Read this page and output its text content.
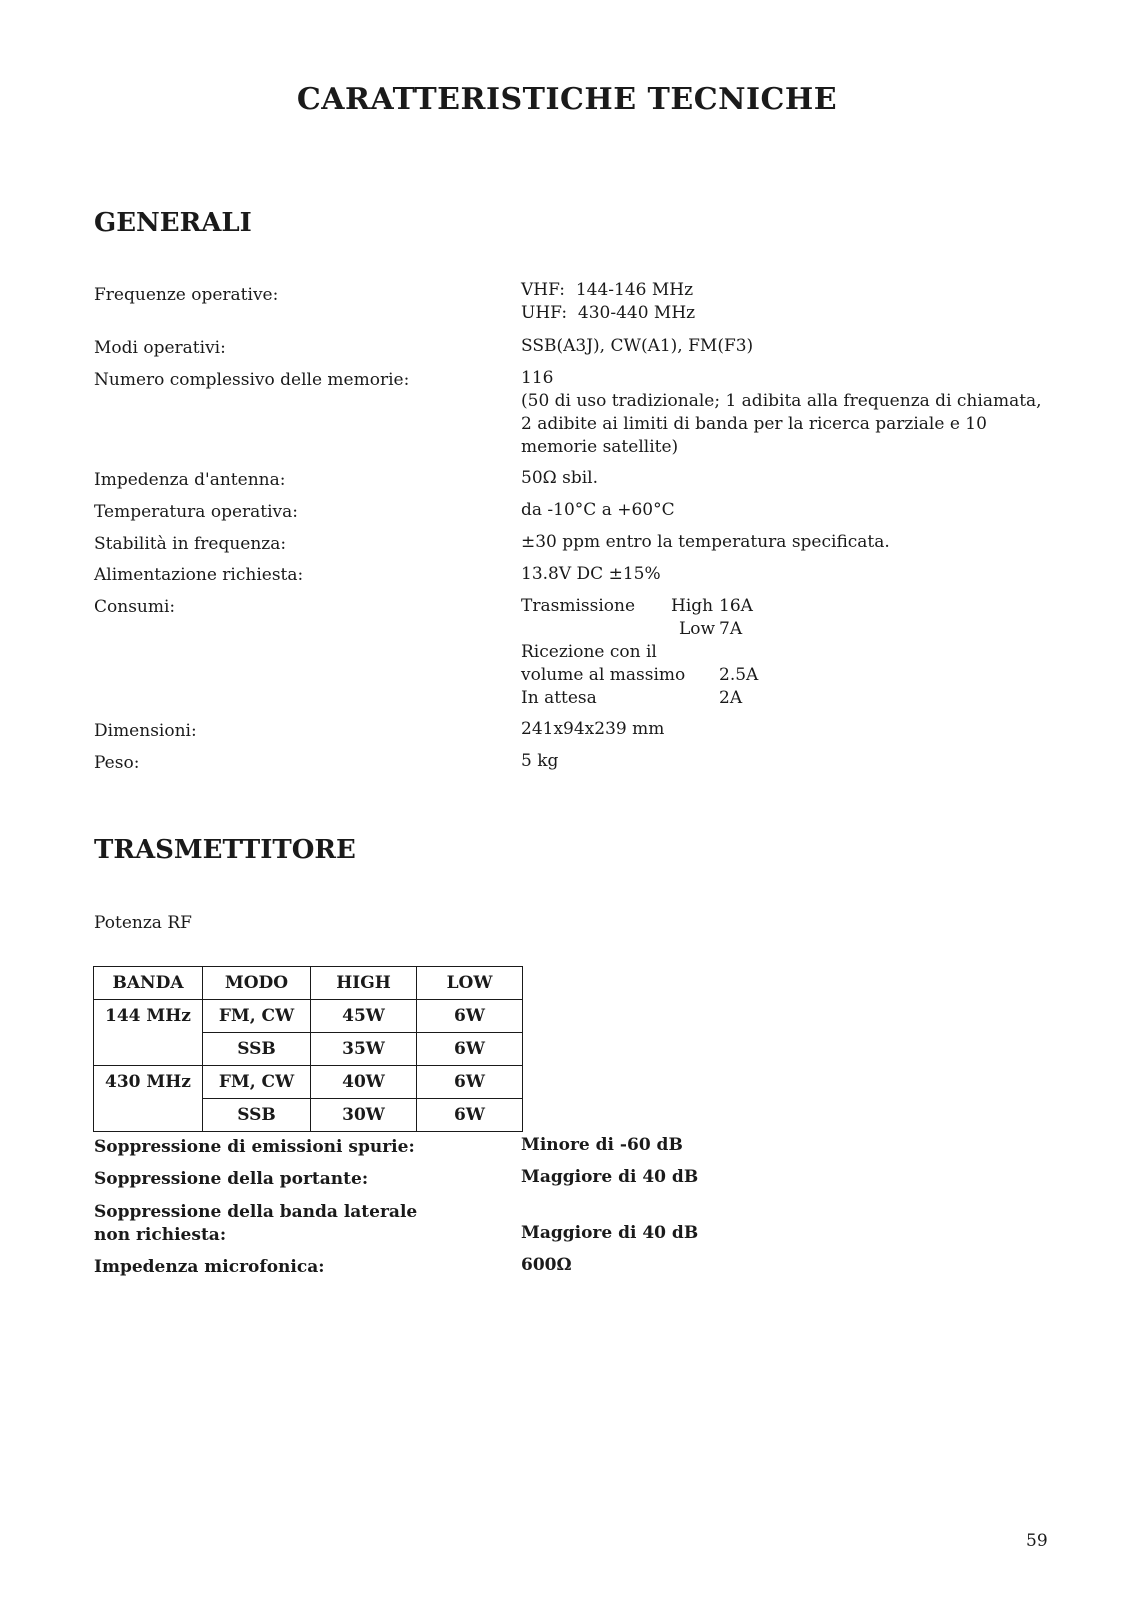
CARATTERISTICHE TECNICHE
GENERALI
Frequenze operative:	VHF: 144-146 MHz
UHF: 430-440 MHz
Modi operativi:	SSB(A3J), CW(A1), FM(F3)
Numero complessivo delle memorie:	116
(50 di uso tradizionale; 1 adibita alla frequenza di chiamata,
2 adibite ai limiti di banda per la ricerca parziale e 10
memorie satellite)
Impedenza d'antenna:	50Ω sbil.
Temperatura operativa:	da -10°C a +60°C
Stabilità in frequenza:	±30 ppm entro la temperatura specificata.
Alimentazione richiesta:	13.8V DC ±15%
Consumi:	Trasmissione	High 16A
Low 7A
Ricezione con il
volume al massimo	2.5A
In attesa	2A
Dimensioni:	241x94x239 mm
Peso:	5 kg
TRASMETTITORE
Potenza RF
BANDA	MODO	HIGH	LOW
144 MHz	FM, CW	45W	6W
	SSB	35W	6W
430 MHz	FM, CW	40W	6W
	SSB	30W	6W
Soppressione di emissioni spurie:	Minore di -60 dB
Soppressione della portante:	Maggiore di 40 dB
Soppressione della banda laterale
non richiesta:	Maggiore di 40 dB
Impedenza microfonica:	600Ω
59
